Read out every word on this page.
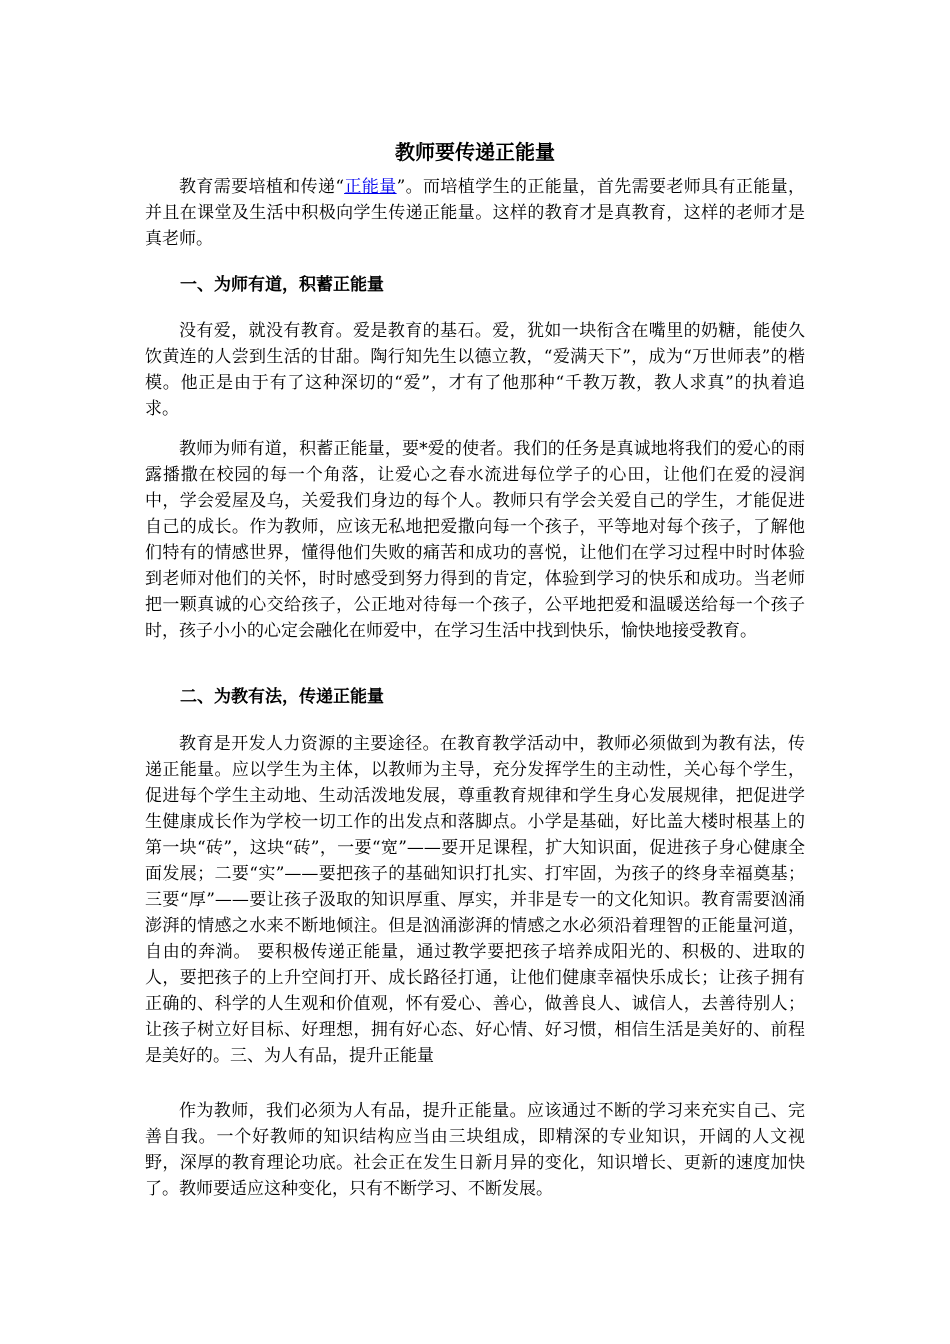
教师要传递正能量

教育需要培植和传递“正能量”。而培植学生的正能量，首先需要老师具有正能量，并且在课堂及生活中积极向学生传递正能量。这样的教育才是真教育，这样的老师才是真老师。

一、为师有道，积蓄正能量

没有爱，就没有教育。爱是教育的基石。爱，犹如一块衔含在嘴里的奶糖，能使久饮黄连的人尝到生活的甘甜。陶行知先生以德立教，“爱满天下”，成为“万世师表”的楷模。他正是由于有了这种深切的“爱”，才有了他那种“千教万教，教人求真”的执着追求。

教师为师有道，积蓄正能量，要*爱的使者。我们的任务是真诚地将我们的爱心的雨露播撒在校园的每一个角落，让爱心之春水流进每位学子的心田，让他们在爱的浸润中，学会爱屋及乌，关爱我们身边的每个人。教师只有学会关爱自己的学生，才能促进自己的成长。作为教师，应该无私地把爱撒向每一个孩子，平等地对每个孩子，了解他们特有的情感世界，懂得他们失败的痛苦和成功的喜悦，让他们在学习过程中时时体验到老师对他们的关怀，时时感受到努力得到的肯定，体验到学习的快乐和成功。当老师把一颗真诚的心交给孩子，公正地对待每一个孩子，公平地把爱和温暖送给每一个孩子时，孩子小小的心定会融化在师爱中，在学习生活中找到快乐，愉快地接受教育。

二、为教有法，传递正能量

教育是开发人力资源的主要途径。在教育教学活动中，教师必须做到为教有法，传递正能量。应以学生为主体，以教师为主导，充分发挥学生的主动性，关心每个学生，促进每个学生主动地、生动活泼地发展，尊重教育规律和学生身心发展规律，把促进学生健康成长作为学校一切工作的出发点和落脚点。小学是基础，好比盖大楼时根基上的第一块“砖”，这块“砖”，一要“宽”——要开足课程，扩大知识面，促进孩子身心健康全面发展；二要“实”——要把孩子的基础知识打扎实、打牢固，为孩子的终身幸福奠基；三要“厚”——要让孩子汲取的知识厚重、厚实，并非是专一的文化知识。教育需要汹涌澎湃的情感之水来不断地倾注。但是汹涌澎湃的情感之水必须沿着理智的正能量河道，自由的奔淌。 要积极传递正能量，通过教学要把孩子培养成阳光的、积极的、进取的人，要把孩子的上升空间打开、成长路径打通，让他们健康幸福快乐成长；让孩子拥有正确的、科学的人生观和价值观，怀有爱心、善心，做善良人、诚信人，去善待别人；让孩子树立好目标、好理想，拥有好心态、好心情、好习惯，相信生活是美好的、前程是美好的。三、为人有品，提升正能量

作为教师，我们必须为人有品，提升正能量。应该通过不断的学习来充实自己、完善自我。一个好教师的知识结构应当由三块组成，即精深的专业知识，开阔的人文视野，深厚的教育理论功底。社会正在发生日新月异的变化，知识增长、更新的速度加快了。教师要适应这种变化，只有不断学习、不断发展。
